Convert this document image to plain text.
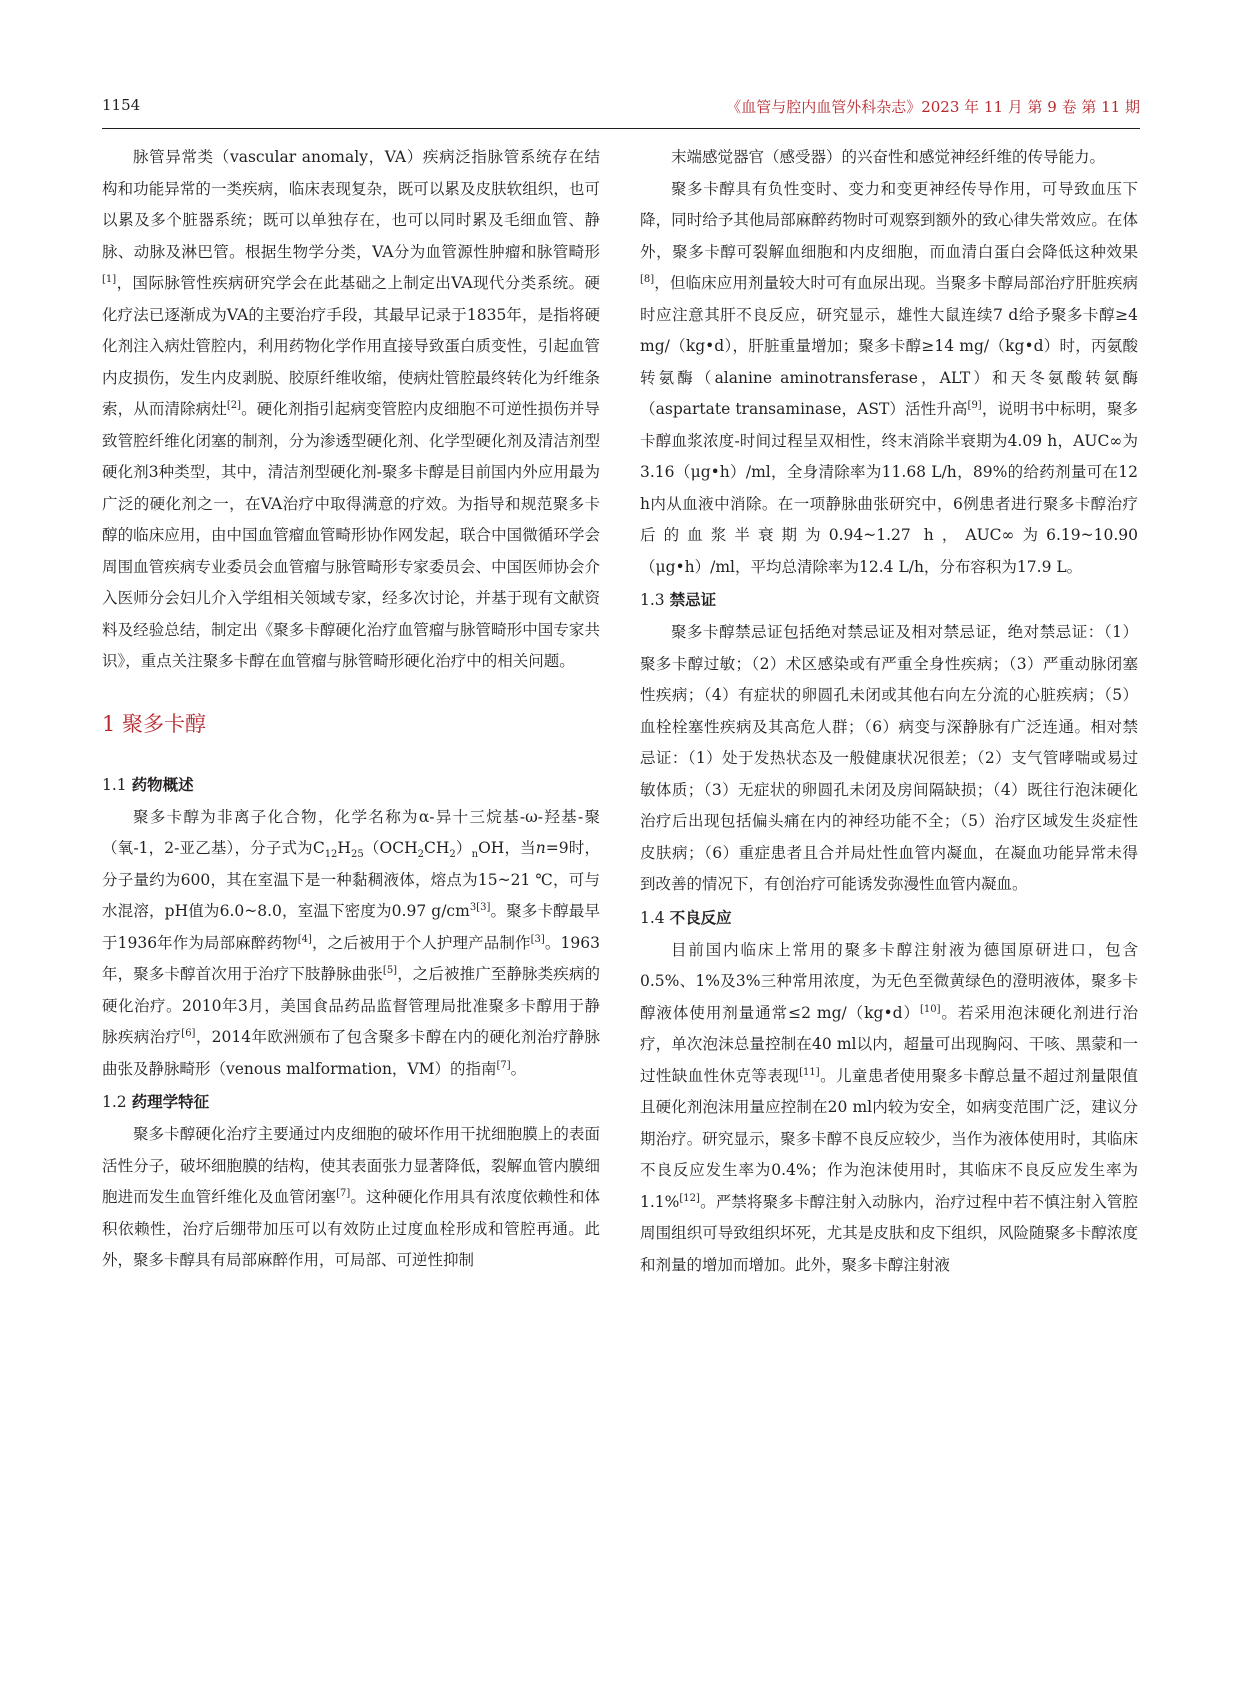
1154	《血管与腔内血管外科杂志》2023 年 11 月 第 9 卷 第 11 期

脉管异常类（vascular anomaly，VA）疾病泛指脉管系统存在结构和功能异常的一类疾病，临床表现复杂，既可以累及皮肤软组织，也可以累及多个脏器系统；既可以单独存在，也可以同时累及毛细血管、静脉、动脉及淋巴管。根据生物学分类，VA分为血管源性肿瘤和脉管畸形[1]，国际脉管性疾病研究学会在此基础之上制定出VA现代分类系统。硬化疗法已逐渐成为VA的主要治疗手段，其最早记录于1835年，是指将硬化剂注入病灶管腔内，利用药物化学作用直接导致蛋白质变性，引起血管内皮损伤，发生内皮剥脱、胶原纤维收缩，使病灶管腔最终转化为纤维条索，从而清除病灶[2]。硬化剂指引起病变管腔内皮细胞不可逆性损伤并导致管腔纤维化闭塞的制剂，分为渗透型硬化剂、化学型硬化剂及清洁剂型硬化剂3种类型，其中，清洁剂型硬化剂-聚多卡醇是目前国内外应用最为广泛的硬化剂之一，在VA治疗中取得满意的疗效。为指导和规范聚多卡醇的临床应用，由中国血管瘤血管畸形协作网发起，联合中国微循环学会周围血管疾病专业委员会血管瘤与脉管畸形专家委员会、中国医师协会介入医师分会妇儿介入学组相关领域专家，经多次讨论，并基于现有文献资料及经验总结，制定出《聚多卡醇硬化治疗血管瘤与脉管畸形中国专家共识》，重点关注聚多卡醇在血管瘤与脉管畸形硬化治疗中的相关问题。

1 聚多卡醇
1.1 药物概述

聚多卡醇为非离子化合物，化学名称为α-异十三烷基-ω-羟基-聚（氧-1，2-亚乙基），分子式为$C_{12}H_{25}(OCH_2CH_2)_nOH$，当n=9时，分子量约为600，其在室温下是一种黏稠液体，熔点为15~21 ℃，可与水混溶，pH值为6.0~8.0，室温下密度为0.97 $g/cm^{3[3]}$。聚多卡醇最早于1936年作为局部麻醉药物[4]，之后被用于个人护理产品制作[3]。1963年，聚多卡醇首次用于治疗下肢静脉曲张[5]，之后被推广至静脉类疾病的硬化治疗。2010年3月，美国食品药品监督管理局批准聚多卡醇用于静脉疾病治疗[6]，2014年欧洲颁布了包含聚多卡醇在内的硬化剂治疗静脉曲张及静脉畸形（venous malformation，VM）的指南[7]。

1.2 药理学特征

聚多卡醇硬化治疗主要通过内皮细胞的破坏作用干扰细胞膜上的表面活性分子，破坏细胞膜的结构，使其表面张力显著降低，裂解血管内膜细胞进而发生血管纤维化及血管闭塞[7]。这种硬化作用具有浓度依赖性和体积依赖性，治疗后绷带加压可以有效防止过度血栓形成和管腔再通。此外，聚多卡醇具有局部麻醉作用，可局部、可逆性抑制

末端感觉器官（感受器）的兴奋性和感觉神经纤维的传导能力。

聚多卡醇具有负性变时、变力和变更神经传导作用，可导致血压下降，同时给予其他局部麻醉药物时可观察到额外的致心律失常效应。在体外，聚多卡醇可裂解血细胞和内皮细胞，而血清白蛋白会降低这种效果[8]，但临床应用剂量较大时可有血尿出现。当聚多卡醇局部治疗肝脏疾病时应注意其肝不良反应，研究显示，雄性大鼠连续7 d给予聚多卡醇≥4 mg/（kg•d），肝脏重量增加；聚多卡醇≥14 mg/（kg•d）时，丙氨酸转氨酶（alanine aminotransferase，ALT）和天冬氨酸转氨酶（aspartate transaminase，AST）活性升高[9]，说明书中标明，聚多卡醇血浆浓度-时间过程呈双相性，终末消除半衰期为4.09 h，AUC∞为3.16（μg•h）/ml，全身清除率为11.68 L/h，89%的给药剂量可在12 h内从血液中消除。在一项静脉曲张研究中，6例患者进行聚多卡醇治疗后的血浆半衰期为0.94~1.27 h，AUC∞为6.19~10.90 （μg•h）/ml，平均总清除率为12.4 L/h，分布容积为17.9 L。

1.3 禁忌证

聚多卡醇禁忌证包括绝对禁忌证及相对禁忌证，绝对禁忌证：（1）聚多卡醇过敏；（2）术区感染或有严重全身性疾病；（3）严重动脉闭塞性疾病；（4）有症状的卵圆孔未闭或其他右向左分流的心脏疾病；（5）血栓栓塞性疾病及其高危人群；（6）病变与深静脉有广泛连通。相对禁忌证：（1）处于发热状态及一般健康状况很差；（2）支气管哮喘或易过敏体质；（3）无症状的卵圆孔未闭及房间隔缺损；（4）既往行泡沫硬化治疗后出现包括偏头痛在内的神经功能不全；（5）治疗区域发生炎症性皮肤病；（6）重症患者且合并局灶性血管内凝血，在凝血功能异常未得到改善的情况下，有创治疗可能诱发弥漫性血管内凝血。

1.4 不良反应

目前国内临床上常用的聚多卡醇注射液为德国原研进口，包含0.5%、1%及3%三种常用浓度，为无色至微黄绿色的澄明液体，聚多卡醇液体使用剂量通常≤2 mg/（kg•d）[10]。若采用泡沫硬化剂进行治疗，单次泡沫总量控制在40 ml以内，超量可出现胸闷、干咳、黑蒙和一过性缺血性休克等表现[11]。儿童患者使用聚多卡醇总量不超过剂量限值且硬化剂泡沫用量应控制在20 ml内较为安全，如病变范围广泛，建议分期治疗。研究显示，聚多卡醇不良反应较少，当作为液体使用时，其临床不良反应发生率为0.4%；作为泡沫使用时，其临床不良反应发生率为1.1%[12]。严禁将聚多卡醇注射入动脉内，治疗过程中若不慎注射入管腔周围组织可导致组织坏死，尤其是皮肤和皮下组织，风险随聚多卡醇浓度和剂量的增加而增加。此外，聚多卡醇注射液
